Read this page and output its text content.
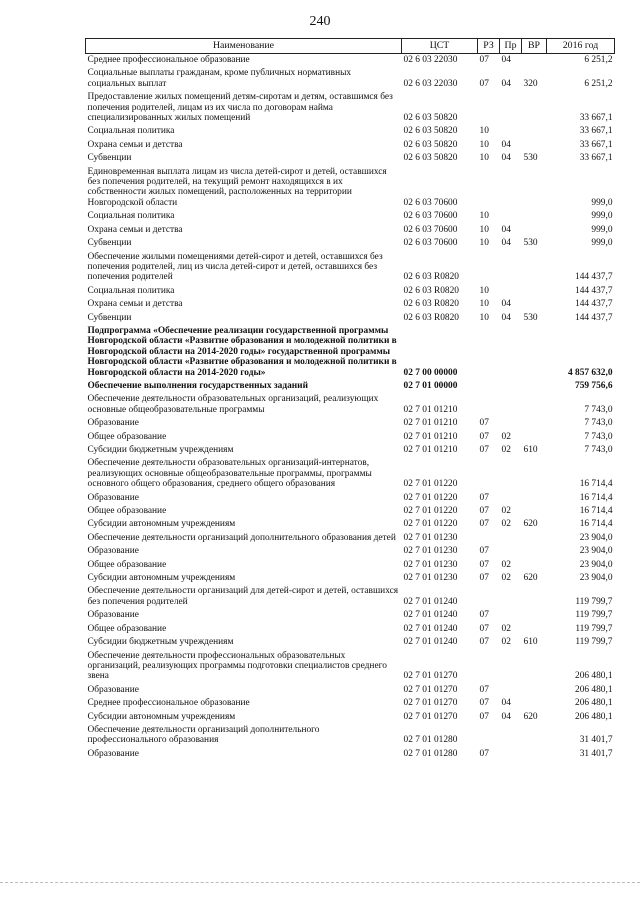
240
Наименование	ЦСТ	РЗ	Пр	ВР	2016 год
Среднее профессиональное образование	02 6 03 22030	07	04		6 251,2
Социальные выплаты гражданам, кроме публичных нормативных социальных выплат	02 6 03 22030	07	04	320	6 251,2
Предоставление жилых помещений детям-сиротам и детям, оставшимся без попечения родителей, лицам из их числа по договорам найма специализированных жилых помещений	02 6 03 50820				33 667,1
Социальная политика	02 6 03 50820	10			33 667,1
Охрана семьи и детства	02 6 03 50820	10	04		33 667,1
Субвенции	02 6 03 50820	10	04	530	33 667,1
Единовременная выплата лицам из числа детей-сирот и детей, оставшихся без попечения родителей, на текущий ремонт находящихся в их собственности жилых помещений, расположенных на территории Новгородской области	02 6 03 70600				999,0
Социальная политика	02 6 03 70600	10			999,0
Охрана семьи и детства	02 6 03 70600	10	04		999,0
Субвенции	02 6 03 70600	10	04	530	999,0
Обеспечение жилыми помещениями детей-сирот и детей, оставшихся без попечения родителей, лиц из числа детей-сирот и детей, оставшихся без попечения родителей	02 6 03 R0820				144 437,7
Социальная политика	02 6 03 R0820	10			144 437,7
Охрана семьи и детства	02 6 03 R0820	10	04		144 437,7
Субвенции	02 6 03 R0820	10	04	530	144 437,7
Подпрограмма «Обеспечение реализации государственной программы Новгородской области «Развитие образования и молодежной политики в Новгородской области на 2014-2020 годы» государственной программы Новгородской области «Развитие образования и молодежной политики в Новгородской области на 2014-2020 годы»	02 7 00 00000				4 857 632,0
Обеспечение выполнения государственных заданий	02 7 01 00000				759 756,6
Обеспечение деятельности образовательных организаций, реализующих основные общеобразовательные программы	02 7 01 01210				7 743,0
Образование	02 7 01 01210	07			7 743,0
Общее образование	02 7 01 01210	07	02		7 743,0
Субсидии бюджетным учреждениям	02 7 01 01210	07	02	610	7 743,0
Обеспечение деятельности образовательных организаций-интернатов, реализующих основные общеобразовательные программы, программы основного общего образования, среднего общего образования	02 7 01 01220				16 714,4
Образование	02 7 01 01220	07			16 714,4
Общее образование	02 7 01 01220	07	02		16 714,4
Субсидии автономным учреждениям	02 7 01 01220	07	02	620	16 714,4
Обеспечение деятельности организаций дополнительного образования детей	02 7 01 01230				23 904,0
Образование	02 7 01 01230	07			23 904,0
Общее образование	02 7 01 01230	07	02		23 904,0
Субсидии автономным учреждениям	02 7 01 01230	07	02	620	23 904,0
Обеспечение деятельности организаций для детей-сирот и детей, оставшихся без попечения родителей	02 7 01 01240				119 799,7
Образование	02 7 01 01240	07			119 799,7
Общее образование	02 7 01 01240	07	02		119 799,7
Субсидии бюджетным учреждениям	02 7 01 01240	07	02	610	119 799,7
Обеспечение деятельности профессиональных образовательных организаций, реализующих программы подготовки специалистов среднего звена	02 7 01 01270				206 480,1
Образование	02 7 01 01270	07			206 480,1
Среднее профессиональное образование	02 7 01 01270	07	04		206 480,1
Субсидии автономным учреждениям	02 7 01 01270	07	04	620	206 480,1
Обеспечение деятельности организаций дополнительного профессионального образования	02 7 01 01280				31 401,7
Образование	02 7 01 01280	07			31 401,7
